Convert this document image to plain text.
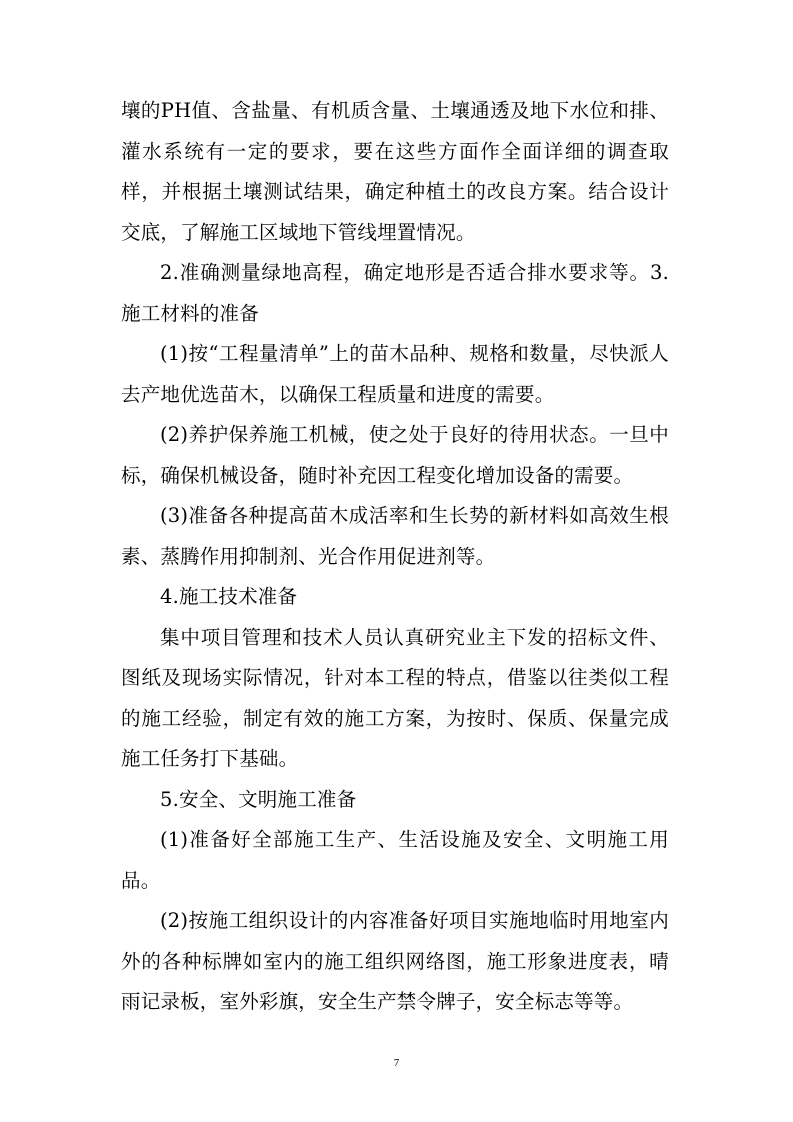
壤的PH值、含盐量、有机质含量、土壤通透及地下水位和排、灌水系统有一定的要求，要在这些方面作全面详细的调查取样，并根据土壤测试结果，确定种植土的改良方案。结合设计交底，了解施工区域地下管线埋置情况。

2.准确测量绿地高程，确定地形是否适合排水要求等。3.施工材料的准备

(1)按“工程量清单”上的苗木品种、规格和数量，尽快派人去产地优选苗木，以确保工程质量和进度的需要。

(2)养护保养施工机械，使之处于良好的待用状态。一旦中标，确保机械设备，随时补充因工程变化增加设备的需要。

(3)准备各种提高苗木成活率和生长势的新材料如高效生根素、蒸腾作用抑制剂、光合作用促进剂等。

4.施工技术准备

集中项目管理和技术人员认真研究业主下发的招标文件、图纸及现场实际情况，针对本工程的特点，借鉴以往类似工程的施工经验，制定有效的施工方案，为按时、保质、保量完成施工任务打下基础。

5.安全、文明施工准备

(1)准备好全部施工生产、生活设施及安全、文明施工用品。

(2)按施工组织设计的内容准备好项目实施地临时用地室内外的各种标牌如室内的施工组织网络图，施工形象进度表，晴雨记录板，室外彩旗，安全生产禁令牌子，安全标志等等。

7
